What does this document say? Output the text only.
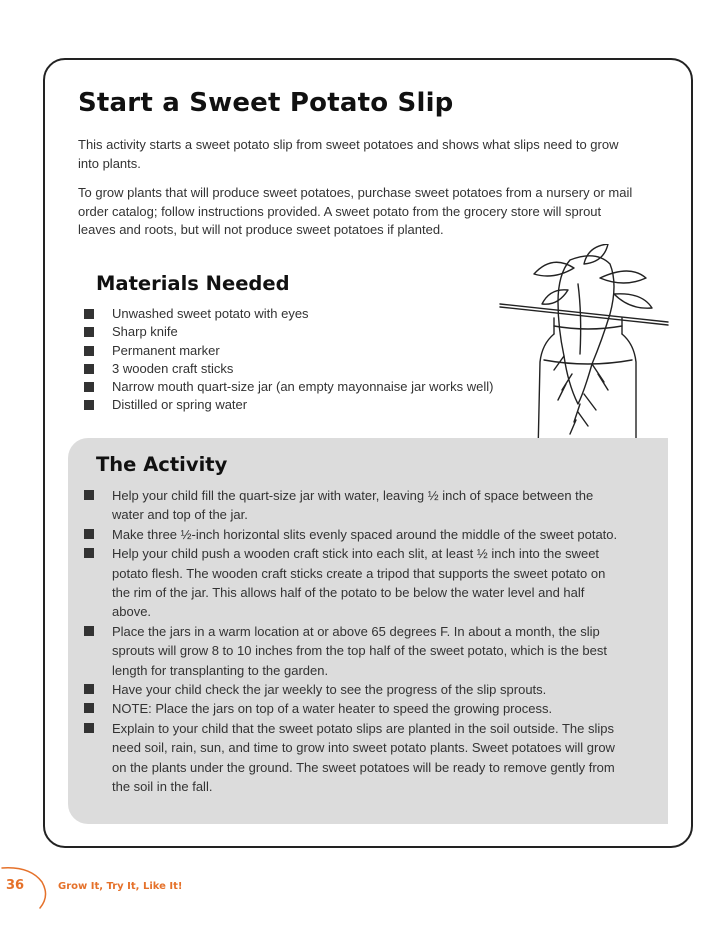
Start a Sweet Potato Slip

This activity starts a sweet potato slip from sweet potatoes and shows what slips need to grow into plants.

To grow plants that will produce sweet potatoes, purchase sweet potatoes from a nursery or mail order catalog; follow instructions provided. A sweet potato from the grocery store will sprout leaves and roots, but will not produce sweet potatoes if planted.

Materials Needed
Unwashed sweet potato with eyes
Sharp knife
Permanent marker
3 wooden craft sticks
Narrow mouth quart-size jar (an empty mayonnaise jar works well)
Distilled or spring water
The Activity
Help your child fill the quart-size jar with water, leaving ½ inch of space between the water and top of the jar.
Make three ½-inch horizontal slits evenly spaced around the middle of the sweet potato.
Help your child push a wooden craft stick into each slit, at least ½ inch into the sweet potato flesh. The wooden craft sticks create a tripod that supports the sweet potato on the rim of the jar. This allows half of the potato to be below the water level and half above.
Place the jars in a warm location at or above 65 degrees F. In about a month, the slip sprouts will grow 8 to 10 inches from the top half of the sweet potato, which is the best length for transplanting to the garden.
Have your child check the jar weekly to see the progress of the slip sprouts.
NOTE: Place the jars on top of a water heater to speed the growing process.
Explain to your child that the sweet potato slips are planted in the soil outside. The slips need soil, rain, sun, and time to grow into sweet potato plants. Sweet potatoes will grow on the plants under the ground. The sweet potatoes will be ready to remove gently from the soil in the fall.
36	Grow It, Try It, Like It!
